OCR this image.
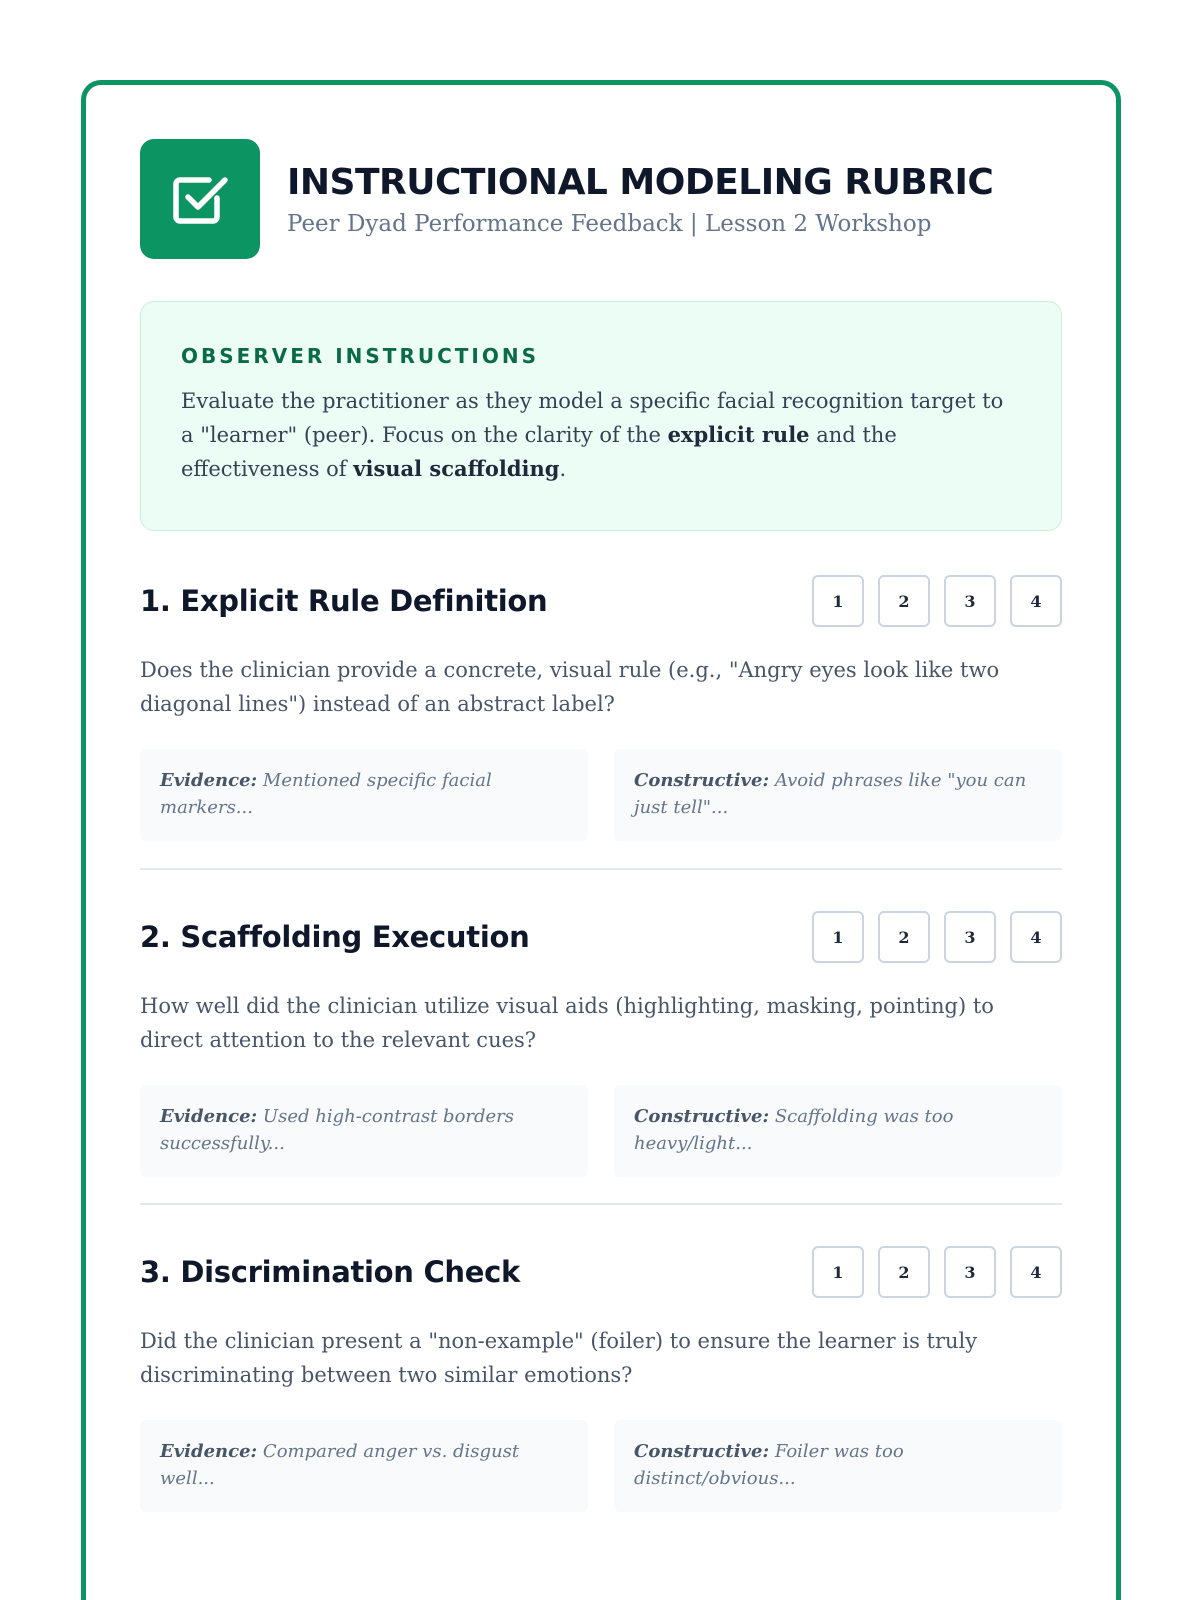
INSTRUCTIONAL MODELING RUBRIC
Peer Dyad Performance Feedback | Lesson 2 Workshop
OBSERVER INSTRUCTIONS
Evaluate the practitioner as they model a specific facial recognition target to a "learner" (peer). Focus on the clarity of the explicit rule and the effectiveness of visual scaffolding.
1. Explicit Rule Definition	1	2	3	4
Does the clinician provide a concrete, visual rule (e.g., "Angry eyes look like two diagonal lines") instead of an abstract label?
Evidence: Mentioned specific facial markers...
Constructive: Avoid phrases like "you can just tell"...
2. Scaffolding Execution	1	2	3	4
How well did the clinician utilize visual aids (highlighting, masking, pointing) to direct attention to the relevant cues?
Evidence: Used high-contrast borders successfully...
Constructive: Scaffolding was too heavy/light...
3. Discrimination Check	1	2	3	4
Did the clinician present a "non-example" (foiler) to ensure the learner is truly discriminating between two similar emotions?
Evidence: Compared anger vs. disgust well...
Constructive: Foiler was too distinct/obvious...
